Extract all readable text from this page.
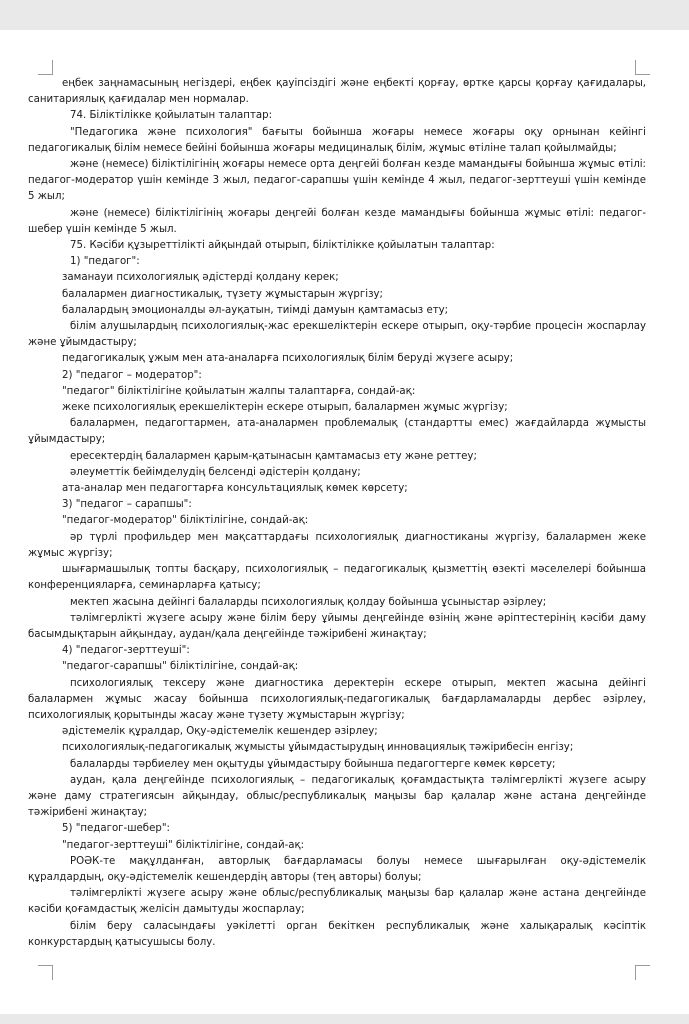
еңбек заңнамасының негіздері, еңбек қауіпсіздігі және еңбекті қорғау, өртке қарсы қорғау қағидалары, санитариялық қағидалар мен нормалар.

74. Біліктілікке қойылатын талаптар:

"Педагогика және психология" бағыты бойынша жоғары немесе жоғары оқу орнынан кейінгі педагогикалық білім немесе бейіні бойынша жоғары медициналық білім, жұмыс өтіліне талап қойылмайды;

және (немесе) біліктілігінің жоғары немесе орта деңгейі болған кезде мамандығы бойынша жұмыс өтілі: педагог-модератор үшін кемінде 3 жыл, педагог-сарапшы үшін кемінде 4 жыл, педагог-зерттеуші үшін кемінде 5 жыл;

және (немесе) біліктілігінің жоғары деңгейі болған кезде мамандығы бойынша жұмыс өтілі: педагог-шебер үшін кемінде 5 жыл.

75. Кәсіби құзыреттілікті айқындай отырып, біліктілікке қойылатын талаптар:

1) "педагог":

заманауи психологиялық әдістерді қолдану керек;

балалармен диагностикалық, түзету жұмыстарын жүргізу;

балалардың эмоционалды әл-ауқатын, тиімді дамуын қамтамасыз ету;

білім алушылардың психологиялық-жас ерекшеліктерін ескере отырып, оқу-тәрбие процесін жоспарлау және ұйымдастыру;

педагогикалық ұжым мен ата-аналарға психологиялық білім беруді жүзеге асыру;

2) "педагог – модератор":

"педагог" біліктілігіне қойылатын жалпы талаптарға, сондай-ақ:

жеке психологиялық ерекшеліктерін ескере отырып, балалармен жұмыс жүргізу;

балалармен, педагогтармен, ата-аналармен проблемалық (стандартты емес) жағдайларда жұмысты ұйымдастыру;

ересектердің балалармен қарым-қатынасын қамтамасыз ету және реттеу;

әлеуметтік бейімделудің белсенді әдістерін қолдану;

ата-аналар мен педагогтарға консультациялық көмек көрсету;

3) "педагог – сарапшы":

"педагог-модератор" біліктілігіне, сондай-ақ:

әр түрлі профильдер мен мақсаттардағы психологиялық диагностиканы жүргізу, балалармен жеке жұмыс жүргізу;

шығармашылық топты басқару, психологиялық – педагогикалық қызметтің өзекті мәселелері бойынша конференцияларға, семинарларға қатысу;

мектеп жасына дейінгі балаларды психологиялық қолдау бойынша ұсыныстар әзірлеу;

тәлімгерлікті жүзеге асыру және білім беру ұйымы деңгейінде өзінің және әріптестерінің кәсіби даму басымдықтарын айқындау, аудан/қала деңгейінде тәжірибені жинақтау;

4) "педагог-зерттеуші":

"педагог-сарапшы" біліктілігіне, сондай-ақ:

психологиялық тексеру және диагностика деректерін ескере отырып, мектеп жасына дейінгі балалармен жұмыс жасау бойынша психологиялық-педагогикалық бағдарламаларды дербес әзірлеу, психологиялық қорытынды жасау және түзету жұмыстарын жүргізу;

әдістемелік құралдар, Оқу-әдістемелік кешендер әзірлеу;

психологиялық-педагогикалық жұмысты ұйымдастырудың инновациялық тәжірибесін енгізу;

балаларды тәрбиелеу мен оқытуды ұйымдастыру бойынша педагогтерге көмек көрсету;

аудан, қала деңгейінде психологиялық – педагогикалық қоғамдастықта тәлімгерлікті жүзеге асыру және даму стратегиясын айқындау, облыс/республикалық маңызы бар қалалар және астана деңгейінде тәжірибені жинақтау;

5) "педагог-шебер":

"педагог-зерттеуші" біліктілігіне, сондай-ақ:

РОӘК-те мақұлданған, авторлық бағдарламасы болуы немесе шығарылған оқу-әдістемелік құралдардың, оқу-әдістемелік кешендердің авторы (тең авторы) болуы;

тәлімгерлікті жүзеге асыру және облыс/республикалық маңызы бар қалалар және астана деңгейінде кәсіби қоғамдастық желісін дамытуды жоспарлау;

білім беру саласындағы уәкілетті орган бекіткен республикалық және халықаралық кәсіптік конкурстардың қатысушысы болу.
